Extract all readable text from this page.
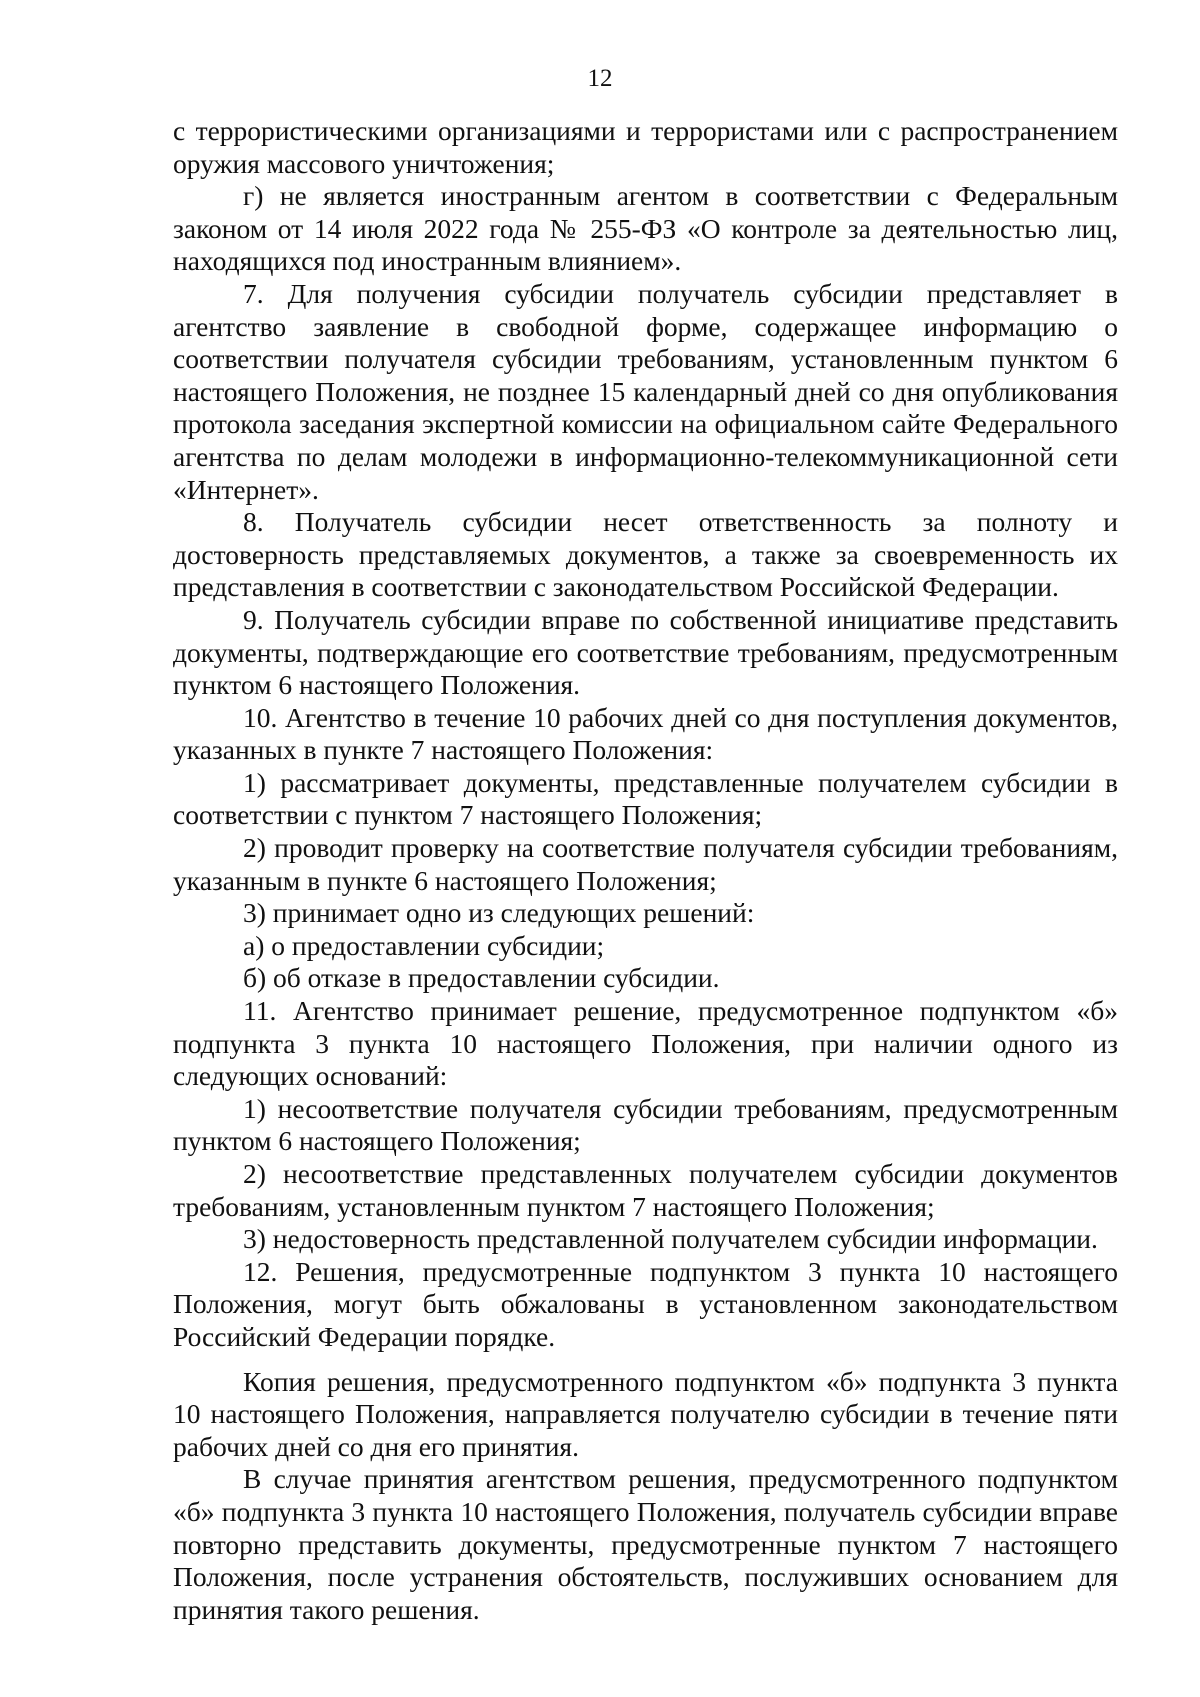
12

с террористическими организациями и террористами или с распространением оружия массового уничтожения;

г) не является иностранным агентом в соответствии с Федеральным законом от 14 июля 2022 года № 255-ФЗ «О контроле за деятельностью лиц, находящихся под иностранным влиянием».

7. Для получения субсидии получатель субсидии представляет в агентство заявление в свободной форме, содержащее информацию о соответствии получателя субсидии требованиям, установленным пунктом 6 настоящего Положения, не позднее 15 календарный дней со дня опубликования протокола заседания экспертной комиссии на официальном сайте Федерального агентства по делам молодежи в информационно-телекоммуникационной сети «Интернет».

8. Получатель субсидии несет ответственность за полноту и достоверность представляемых документов, а также за своевременность их представления в соответствии с законодательством Российской Федерации.

9. Получатель субсидии вправе по собственной инициативе представить документы, подтверждающие его соответствие требованиям, предусмотренным пунктом 6 настоящего Положения.

10. Агентство в течение 10 рабочих дней со дня поступления документов, указанных в пункте 7 настоящего Положения:

1) рассматривает документы, представленные получателем субсидии в соответствии с пунктом 7 настоящего Положения;

2) проводит проверку на соответствие получателя субсидии требованиям, указанным в пункте 6 настоящего Положения;

3) принимает одно из следующих решений:

а) о предоставлении субсидии;

б) об отказе в предоставлении субсидии.

11. Агентство принимает решение, предусмотренное подпунктом «б» подпункта 3 пункта 10 настоящего Положения, при наличии одного из следующих оснований:

1) несоответствие получателя субсидии требованиям, предусмотренным пунктом 6 настоящего Положения;

2) несоответствие представленных получателем субсидии документов требованиям, установленным пунктом 7 настоящего Положения;

3) недостоверность представленной получателем субсидии информации.

12. Решения, предусмотренные подпунктом 3 пункта 10 настоящего Положения, могут быть обжалованы в установленном законодательством Российский Федерации порядке.

Копия решения, предусмотренного подпунктом «б» подпункта 3 пункта 10 настоящего Положения, направляется получателю субсидии в течение пяти рабочих дней со дня его принятия.

В случае принятия агентством решения, предусмотренного подпунктом «б» подпункта 3 пункта 10 настоящего Положения, получатель субсидии вправе повторно представить документы, предусмотренные пунктом 7 настоящего Положения, после устранения обстоятельств, послуживших основанием для принятия такого решения.
